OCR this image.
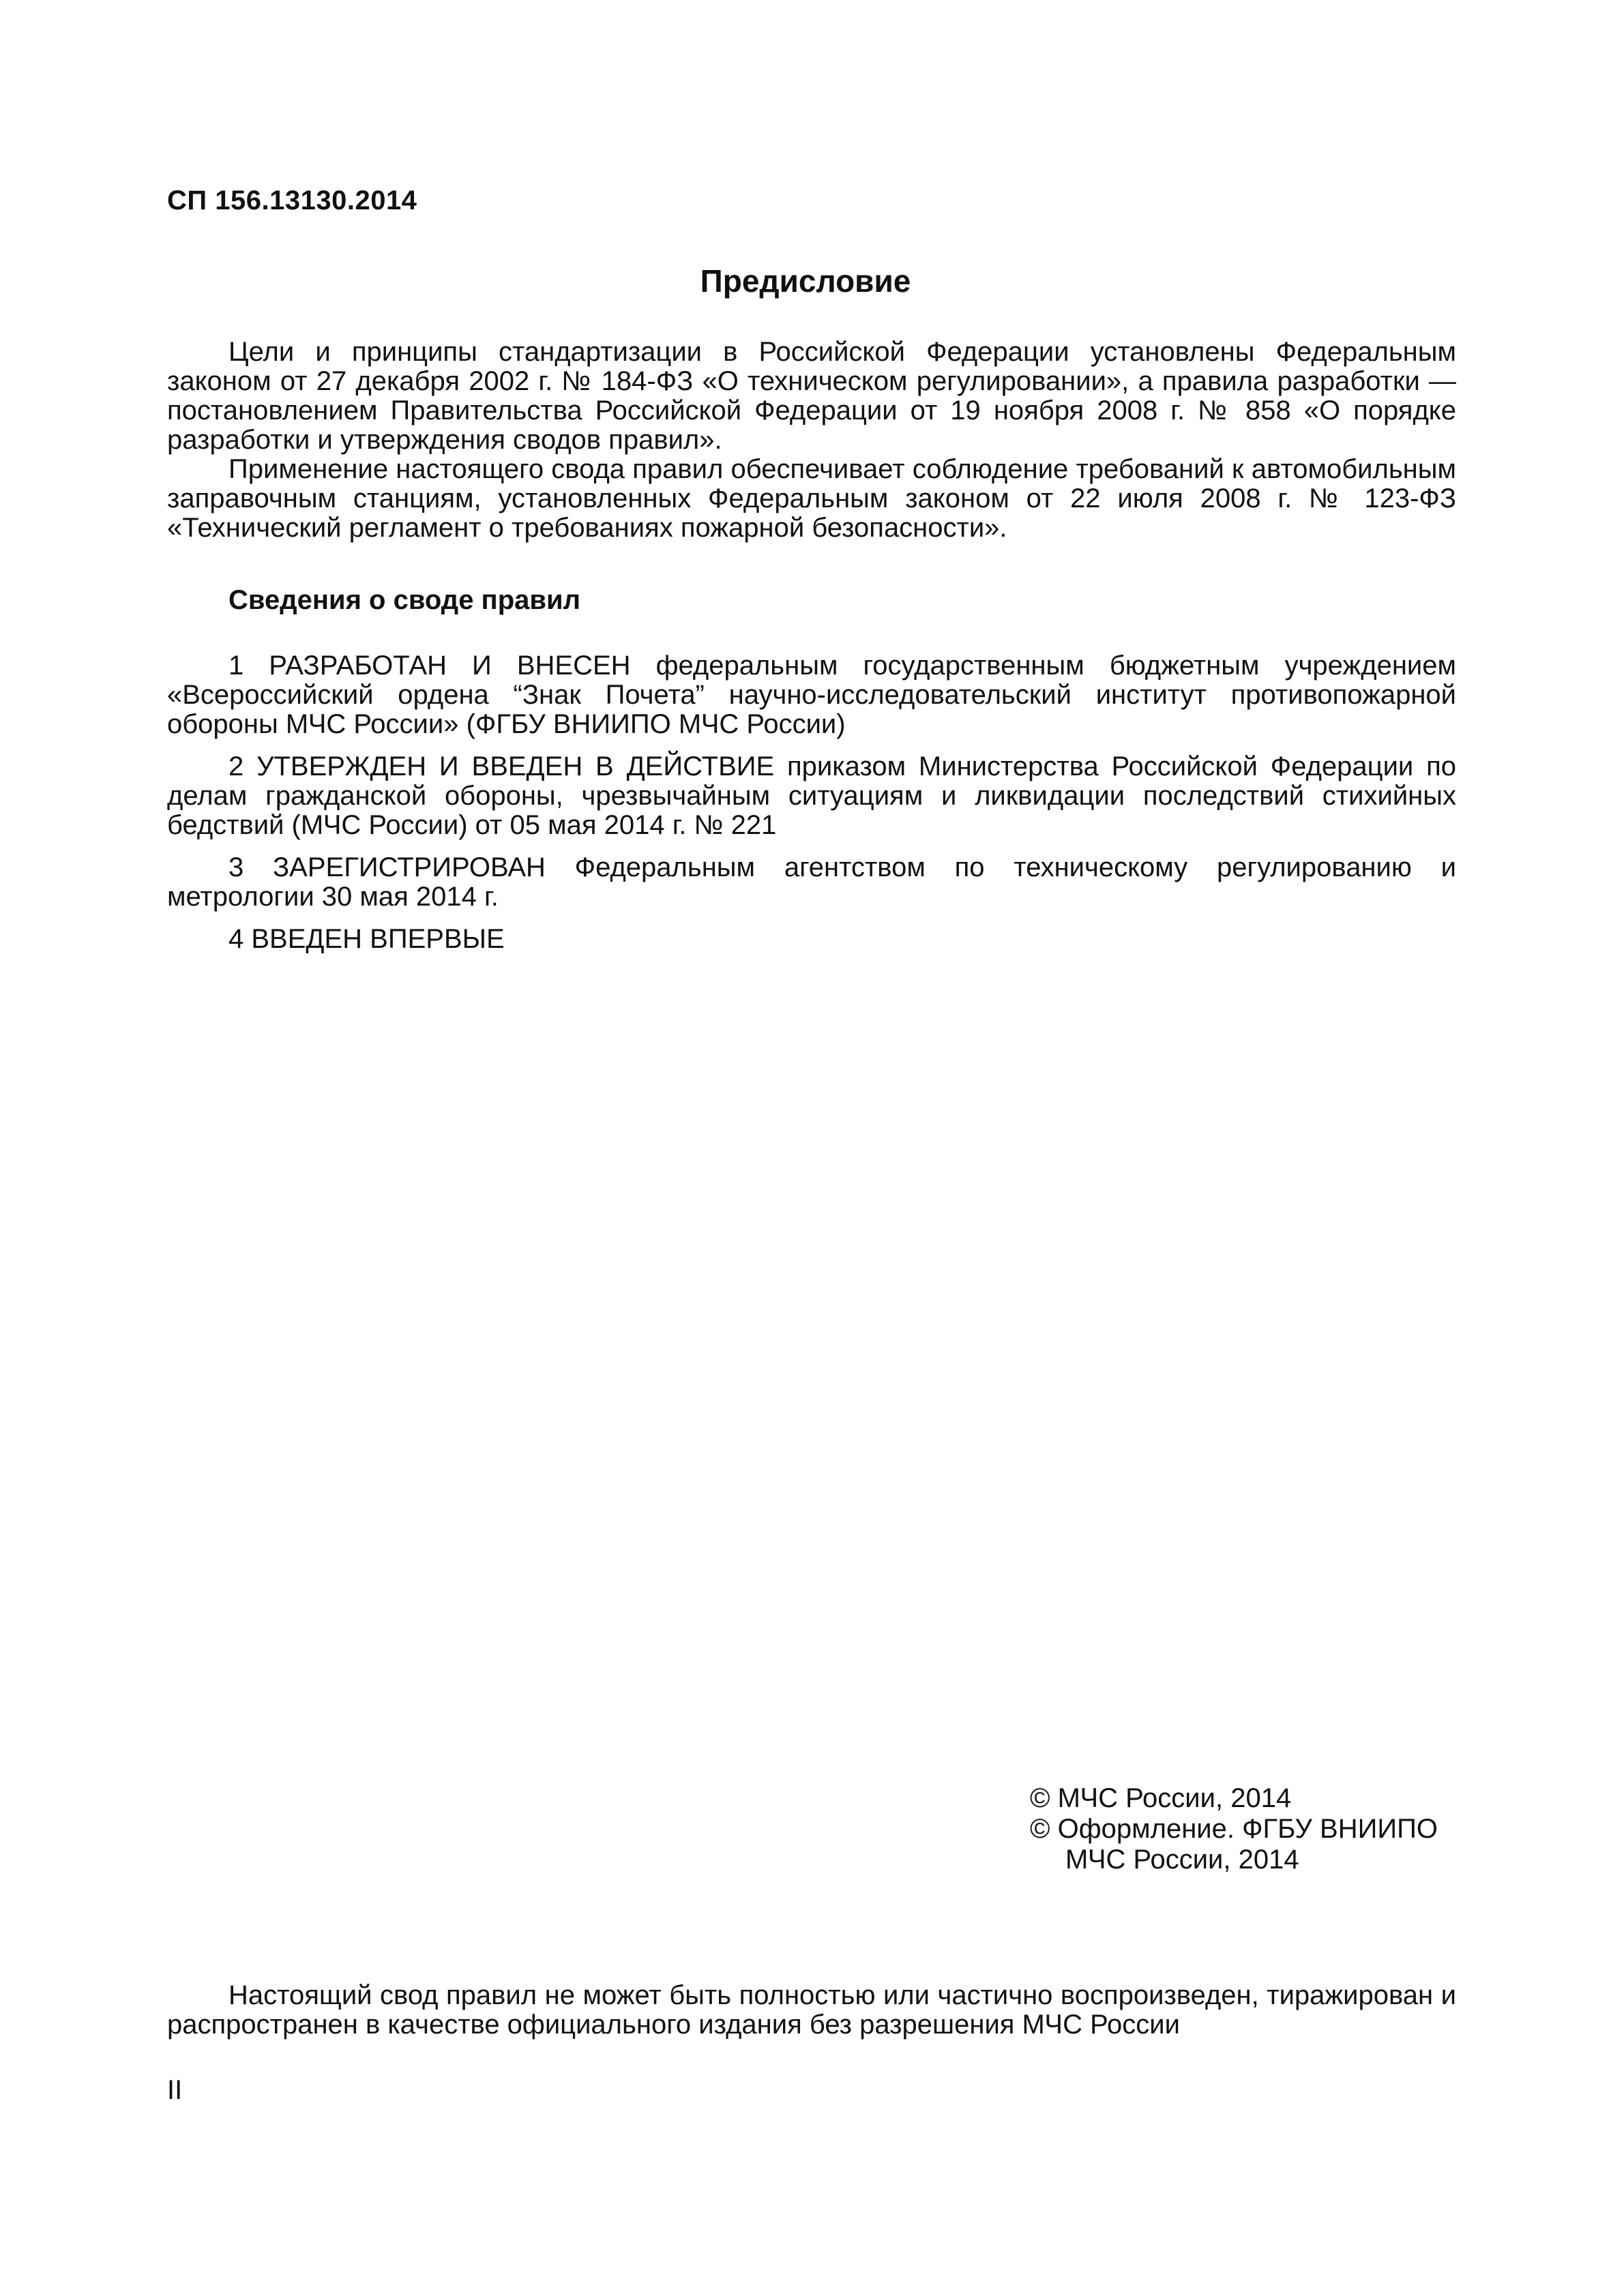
СП 156.13130.2014
Предисловие

Цели и принципы стандартизации в Российской Федерации установлены Федеральным законом от 27 декабря 2002 г. № 184-ФЗ «О техническом регулировании», а правила разработки — постановлением Правительства Российской Федерации от 19 ноября 2008 г. № 858 «О порядке разработки и утверждения сводов правил».

Применение настоящего свода правил обеспечивает соблюдение требований к автомобильным заправочным станциям, установленных Федеральным законом от 22 июля 2008 г. № 123-ФЗ «Технический регламент о требованиях пожарной безопасности».

Сведения о своде правил

1 РАЗРАБОТАН И ВНЕСЕН федеральным государственным бюджетным учреждением «Всероссийский ордена “Знак Почета” научно-исследовательский институт противопожарной обороны МЧС России» (ФГБУ ВНИИПО МЧС России)

2 УТВЕРЖДЕН И ВВЕДЕН В ДЕЙСТВИЕ приказом Министерства Российской Федерации по делам гражданской обороны, чрезвычайным ситуациям и ликвидации последствий стихийных бедствий (МЧС России) от 05 мая 2014 г. № 221

3 ЗАРЕГИСТРИРОВАН Федеральным агентством по техническому регулированию и метрологии 30 мая 2014 г.

4 ВВЕДЕН ВПЕРВЫЕ

© МЧС России, 2014
© Оформление. ФГБУ ВНИИПО
МЧС России, 2014

Настоящий свод правил не может быть полностью или частично воспроизведен, тиражирован и распространен в качестве официального издания без разрешения МЧС России

II
